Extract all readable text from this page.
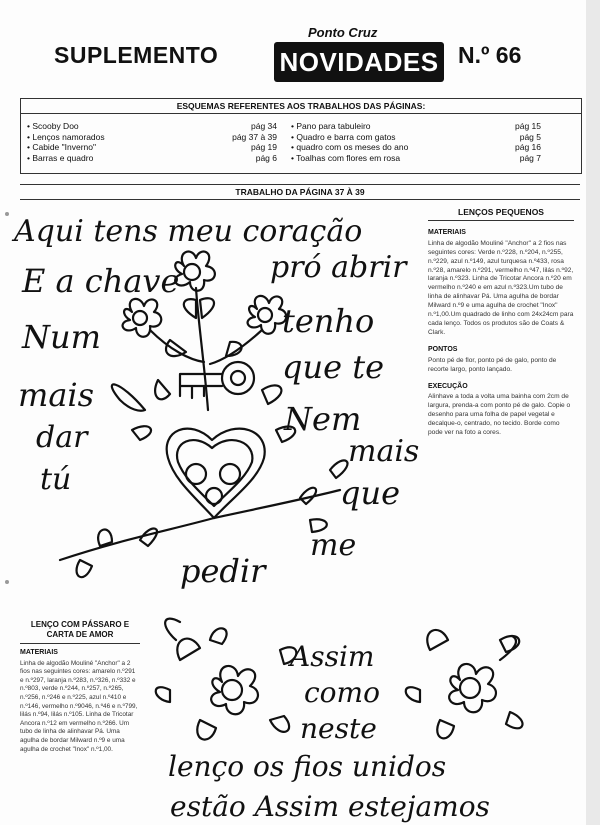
SUPLEMENTO NOVIDADES
Ponto Cruz
N.º 66
ESQUEMAS REFERENTES AOS TRABALHOS DAS PÁGINAS:
• Scooby Doo	pág 34
• Lenços namorados	pág 37 à 39
• Cabide "Inverno"	pág 19
• Barras e quadro	pág 6
• Pano para tabuleiro	pág 15
• Quadro e barra com gatos	pág 5
• quadro com os meses do ano	pág 16
• Toalhas com flores em rosa	pág 7
TRABALHO DA PÁGINA 37 À 39
Aqui tens meu coração
E a chave	pró abrir
Num	tenho
que te
mais
Nem
dar	mais
tú	que
me
pedir
Assim
como
neste
lenço os fios unidos
estão Assim estejamos
LENÇOS PEQUENOS
MATERIAIS

Linha de algodão Mouliné "Anchor" a 2 fios nas seguintes cores: Verde n.º228, n.º204, n.º255, n.º229, azul n.º149, azul turquesa n.º433, rosa n.º28, amarelo n.º291, vermelho n.º47, lilás n.º92, laranja n.º323. Linha de Tricotar Ancora n.º20 em vermelho n.º240 e em azul n.º323.Um tubo de linha de alinhavar Pá. Uma agulha de bordar Milward n.º9 e uma agulha de crochet "Inox" n.º1,00.Um quadrado de linho com 24x24cm para cada lenço. Todos os produtos são de Coats & Clark.

PONTOS

Ponto pé de flor, ponto pé de galo, ponto de recorte largo, ponto lançado.

EXECUÇÃO

Alinhave a toda a volta uma bainha com 2cm de largura, prenda-a com ponto pé de galo. Copie o desenho para uma folha de papel vegetal e decalque-o, centrado, no tecido. Borde como pode ver na foto a cores.

LENÇO COM PÁSSARO E CARTA DE AMOR
MATERIAIS

Linha de algodão Mouliné "Anchor" a 2 fios nas seguintes cores: amarelo n.º291 e n.º297, laranja n.º283, n.º326, n.º332 e n.º803, verde n.º244, n.º257, n.º265, n.º256, n.º246 e n.º225, azul n.º410 e n.º146, vermelho n.º9046, n.º46 e n.º799, lilás n.º94, lilás n.º105. Linha de Tricotar Ancora n.º12 em vermelho n.º266. Um tubo de linha de alinhavar Pá. Uma agulha de bordar Milward n.º9 e uma agulha de crochet "Inox" n.º1,00.
